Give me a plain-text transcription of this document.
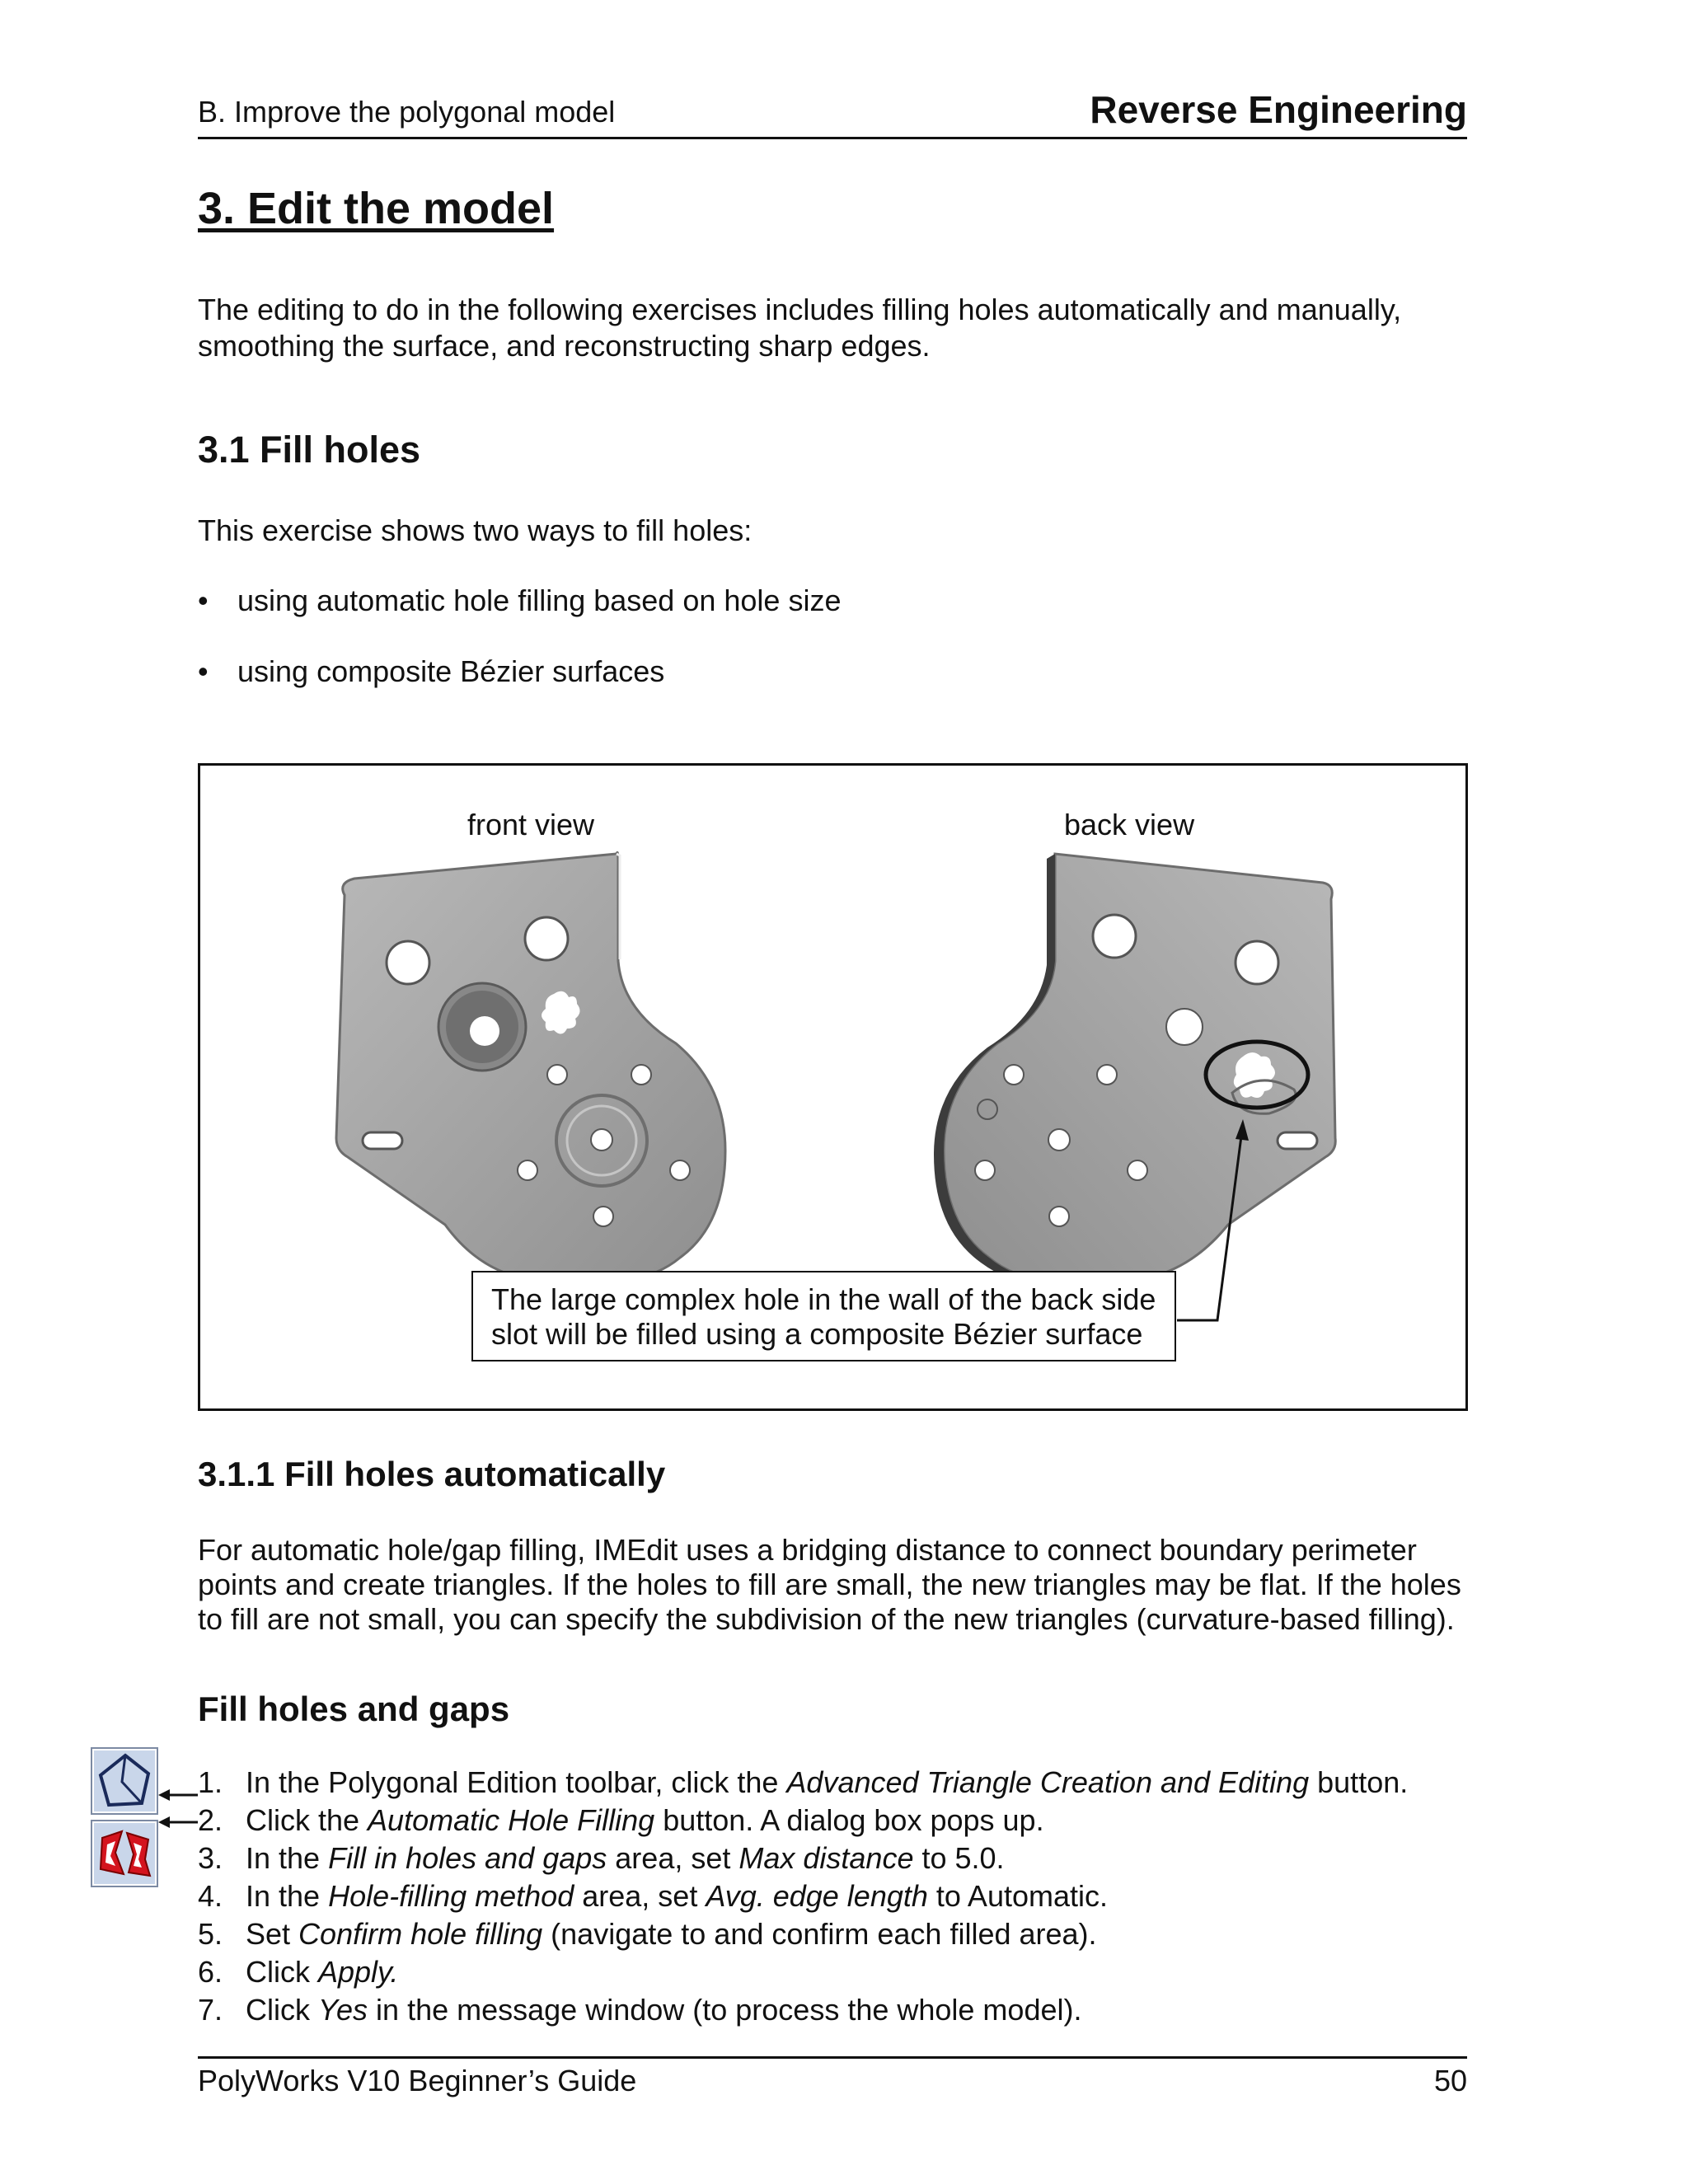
B. Improve the polygonal model	Reverse Engineering
3. Edit the model
The editing to do in the following exercises includes filling holes automatically and manually,
smoothing the surface, and reconstructing sharp edges.
3.1 Fill holes
This exercise shows two ways to fill holes:
• using automatic hole filling based on hole size
• using composite Bézier surfaces
front view	back view
The large complex hole in the wall of the back side
slot will be filled using a composite Bézier surface
3.1.1 Fill holes automatically
For automatic hole/gap filling, IMEdit uses a bridging distance to connect boundary perimeter
points and create triangles. If the holes to fill are small, the new triangles may be flat. If the holes
to fill are not small, you can specify the subdivision of the new triangles (curvature-based filling).
Fill holes and gaps
1. In the Polygonal Edition toolbar, click the Advanced Triangle Creation and Editing button.
2. Click the Automatic Hole Filling button. A dialog box pops up.
3. In the Fill in holes and gaps area, set Max distance to 5.0.
4. In the Hole-filling method area, set Avg. edge length to Automatic.
5. Set Confirm hole filling (navigate to and confirm each filled area).
6. Click Apply.
7. Click Yes in the message window (to process the whole model).
PolyWorks V10 Beginner’s Guide	50
